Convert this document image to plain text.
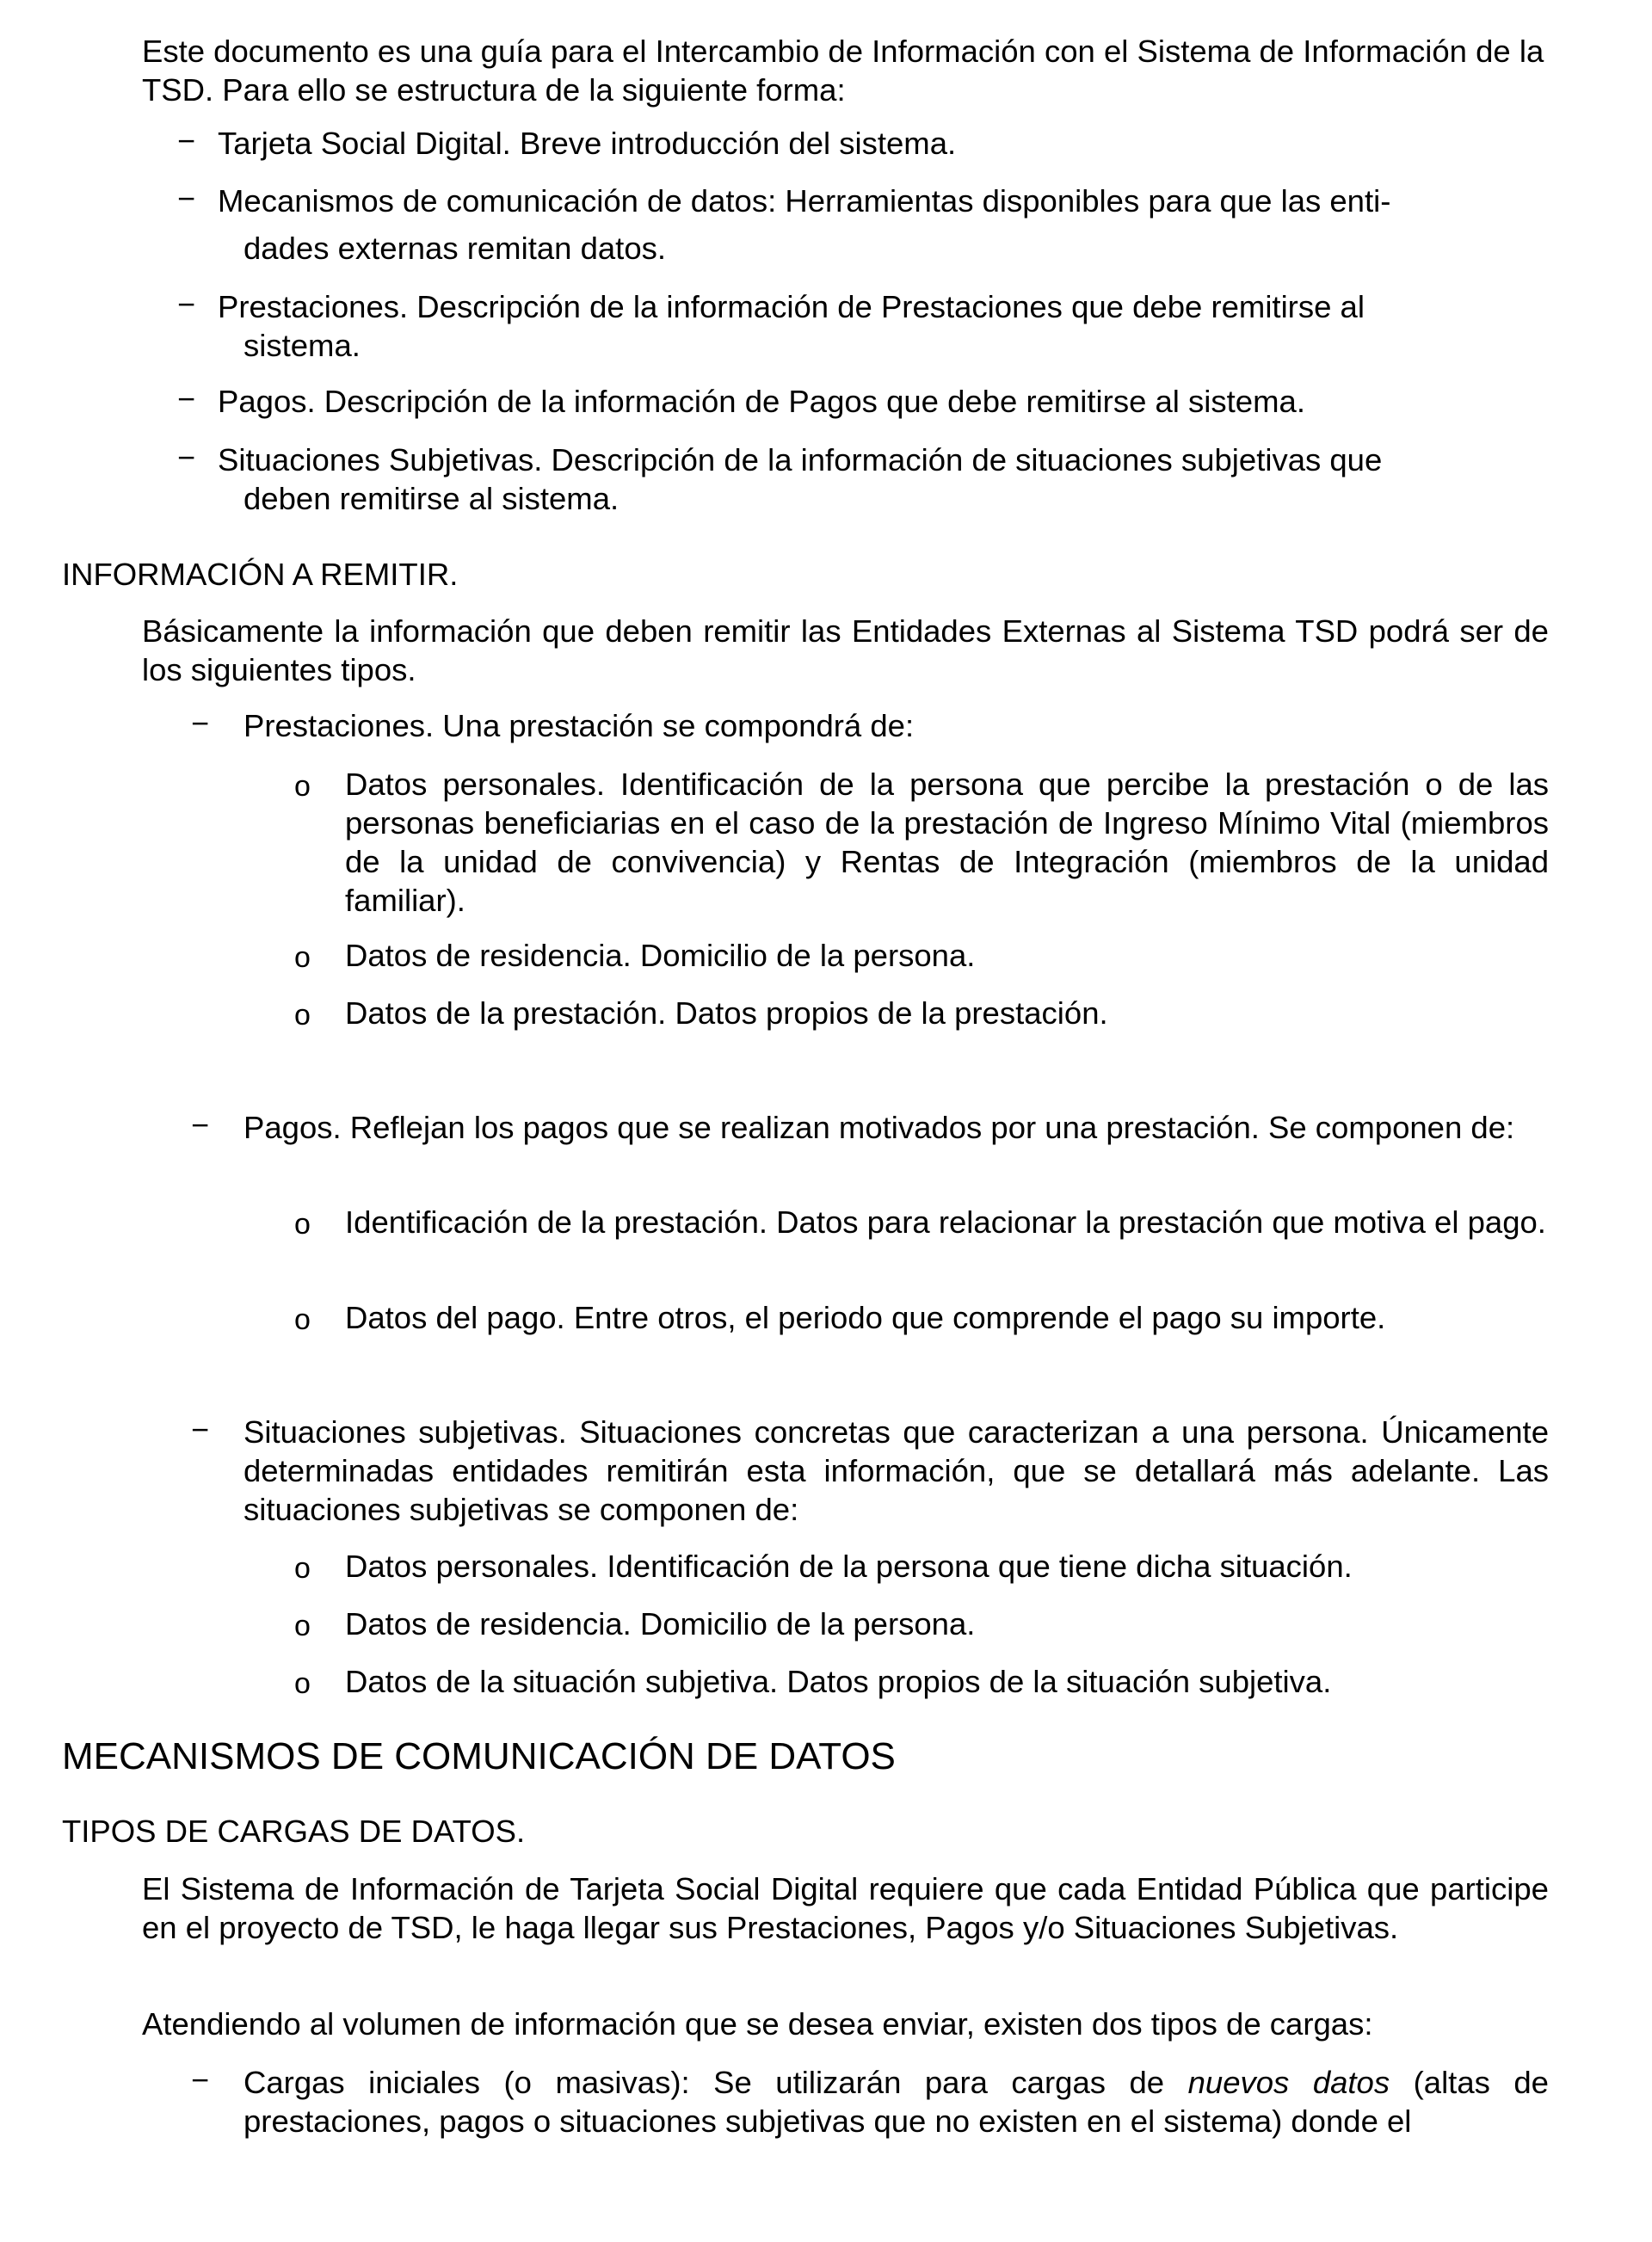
Este documento es una guía para el Intercambio de Información con el Sistema de Información de la TSD. Para ello se estructura de la siguiente forma:

− Tarjeta Social Digital. Breve introducción del sistema.
− Mecanismos de comunicación de datos: Herramientas disponibles para que las enti-
dades externas remitan datos.
− Prestaciones. Descripción de la información de Prestaciones que debe remitirse al
sistema.
− Pagos. Descripción de la información de Pagos que debe remitirse al sistema.
− Situaciones Subjetivas. Descripción de la información de situaciones subjetivas que
deben remitirse al sistema.
INFORMACIÓN A REMITIR.
Básicamente la información que deben remitir las Entidades Externas al Sistema TSD podrá ser de los siguientes tipos.
− Prestaciones. Una prestación se compondrá de:
o Datos personales. Identificación de la persona que percibe la prestación o de las personas beneficiarias en el caso de la prestación de Ingreso Mínimo Vital (miembros de la unidad de convivencia) y Rentas de Integración (miembros de la unidad familiar).
o Datos de residencia. Domicilio de la persona.
o Datos de la prestación. Datos propios de la prestación.
− Pagos. Reflejan los pagos que se realizan motivados por una prestación. Se componen de:
o Identificación de la prestación. Datos para relacionar la prestación que motiva el pago.
o Datos del pago. Entre otros, el periodo que comprende el pago su importe.
− Situaciones subjetivas. Situaciones concretas que caracterizan a una persona. Únicamente determinadas entidades remitirán esta información, que se detallará más adelante. Las situaciones subjetivas se componen de:
o Datos personales. Identificación de la persona que tiene dicha situación.
o Datos de residencia. Domicilio de la persona.
o Datos de la situación subjetiva. Datos propios de la situación subjetiva.
MECANISMOS DE COMUNICACIÓN DE DATOS
TIPOS DE CARGAS DE DATOS.
El Sistema de Información de Tarjeta Social Digital requiere que cada Entidad Pública que participe en el proyecto de TSD, le haga llegar sus Prestaciones, Pagos y/o Situaciones Subjetivas.
Atendiendo al volumen de información que se desea enviar, existen dos tipos de cargas:
− Cargas iniciales (o masivas): Se utilizarán para cargas de nuevos datos (altas de prestaciones, pagos o situaciones subjetivas que no existen en el sistema) donde el
